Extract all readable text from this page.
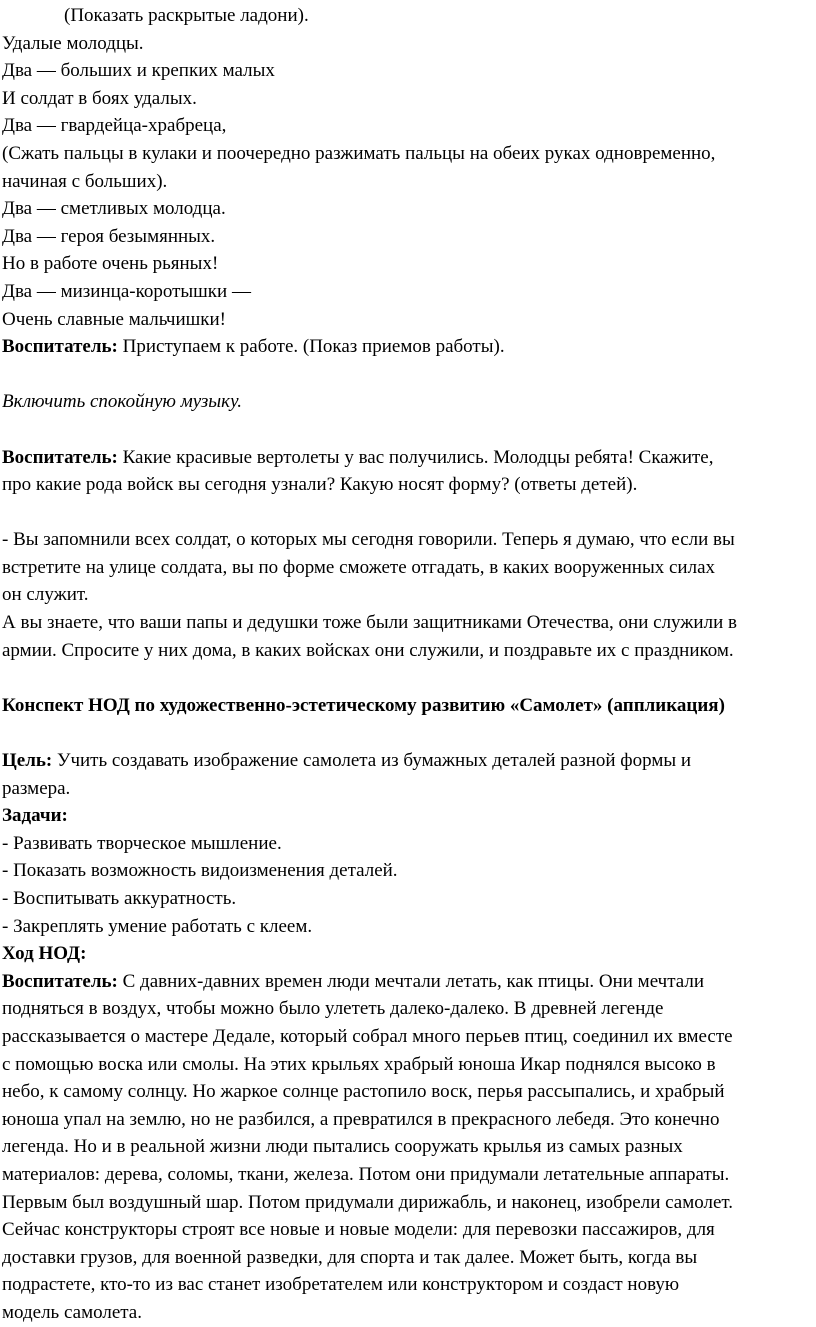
(Показать раскрытые ладони).
Удалые молодцы.
Два — больших и крепких малых
И солдат в боях удалых.
Два — гвардейца-храбреца,
(Сжать пальцы в кулаки и поочередно разжимать пальцы на обеих руках одновременно,
начиная с больших).
Два — сметливых молодца.
Два — героя безымянных.
Но в работе очень рьяных!
Два — мизинца-коротышки —
Очень славные мальчишки!
Воспитатель: Приступаем к работе. (Показ приемов работы).
Включить спокойную музыку.
Воспитатель: Какие красивые вертолеты у вас получились. Молодцы ребята! Скажите,
про какие рода войск вы сегодня узнали? Какую носят форму? (ответы детей).
- Вы запомнили всех солдат, о которых мы сегодня говорили. Теперь я думаю, что если вы
встретите на улице солдата, вы по форме сможете отгадать, в каких вооруженных силах
он служит.
А вы знаете, что ваши папы и дедушки тоже были защитниками Отечества, они служили в
армии. Спросите у них дома, в каких войсках они служили, и поздравьте их с праздником.
Конспект НОД по художественно-эстетическому развитию «Самолет» (аппликация)
Цель: Учить создавать изображение самолета из бумажных деталей разной формы и
размера.
Задачи:
- Развивать творческое мышление.
- Показать возможность видоизменения деталей.
- Воспитывать аккуратность.
- Закреплять умение работать с клеем.
Ход НОД:
Воспитатель: С давних-давних времен люди мечтали летать, как птицы. Они мечтали
подняться в воздух, чтобы можно было улететь далеко-далеко. В древней легенде
рассказывается о мастере Дедале, который собрал много перьев птиц, соединил их вместе
с помощью воска или смолы. На этих крыльях храбрый юноша Икар поднялся высоко в
небо, к самому солнцу. Но жаркое солнце растопило воск, перья рассыпались, и храбрый
юноша упал на землю, но не разбился, а превратился в прекрасного лебедя. Это конечно
легенда. Но и в реальной жизни люди пытались сооружать крылья из самых разных
материалов: дерева, соломы, ткани, железа. Потом они придумали летательные аппараты.
Первым был воздушный шар. Потом придумали дирижабль, и наконец, изобрели самолет.
Сейчас конструкторы строят все новые и новые модели: для перевозки пассажиров, для
доставки грузов, для военной разведки, для спорта и так далее. Может быть, когда вы
подрастете, кто-то из вас станет изобретателем или конструктором и создаст новую
модель самолета.
